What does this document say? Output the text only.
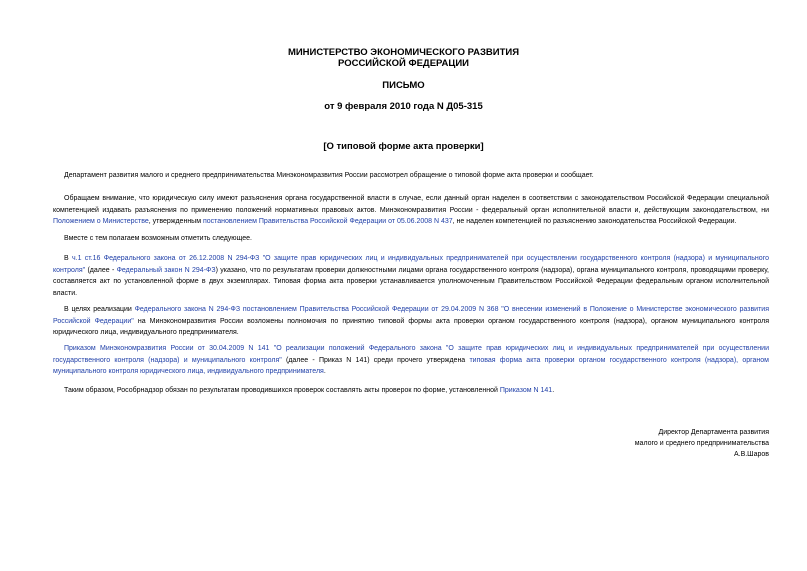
МИНИСТЕРСТВО ЭКОНОМИЧЕСКОГО РАЗВИТИЯ
РОССИЙСКОЙ ФЕДЕРАЦИИ
ПИСЬМО
от 9 февраля 2010 года N Д05-315
[О типовой форме акта проверки]
Департамент развития малого и среднего предпринимательства Минэкономразвития России рассмотрел обращение о типовой форме акта проверки и сообщает.
Обращаем внимание, что юридическую силу имеют разъяснения органа государственной власти в случае, если данный орган наделен в соответствии с законодательством Российской Федерации специальной компетенцией издавать разъяснения по применению положений нормативных правовых актов. Минэкономразвития России - федеральный орган исполнительной власти и, действующим законодательством, ни Положением о Министерстве, утвержденным постановлением Правительства Российской Федерации от 05.06.2008 N 437, не наделен компетенцией по разъяснению законодательства Российской Федерации.
Вместе с тем полагаем возможным отметить следующее.
В ч.1 ст.16 Федерального закона от 26.12.2008 N 294-ФЗ "О защите прав юридических лиц и индивидуальных предпринимателей при осуществлении государственного контроля (надзора) и муниципального контроля" (далее - Федеральный закон N 294-ФЗ) указано, что по результатам проверки должностными лицами органа государственного контроля (надзора), органа муниципального контроля, проводящими проверку, составляется акт по установленной форме в двух экземплярах. Типовая форма акта проверки устанавливается уполномоченным Правительством Российской Федерации федеральным органом исполнительной власти.
В целях реализации Федерального закона N 294-ФЗ постановлением Правительства Российской Федерации от 29.04.2009 N 368 "О внесении изменений в Положение о Министерстве экономического развития Российской Федерации" на Минэкономразвития России возложены полномочия по принятию типовой формы акта проверки органом государственного контроля (надзора), органом муниципального контроля юридического лица, индивидуального предпринимателя.
Приказом Минэкономразвития России от 30.04.2009 N 141 "О реализации положений Федерального закона "О защите прав юридических лиц и индивидуальных предпринимателей при осуществлении государственного контроля (надзора) и муниципального контроля" (далее - Приказ N 141) среди прочего утверждена типовая форма акта проверки органом государственного контроля (надзора), органом муниципального контроля юридического лица, индивидуального предпринимателя.
Таким образом, Рособрнадзор обязан по результатам проводившихся проверок составлять акты проверок по форме, установленной Приказом N 141.
Директор Департамента развития
малого и среднего предпринимательства
А.В.Шаров
